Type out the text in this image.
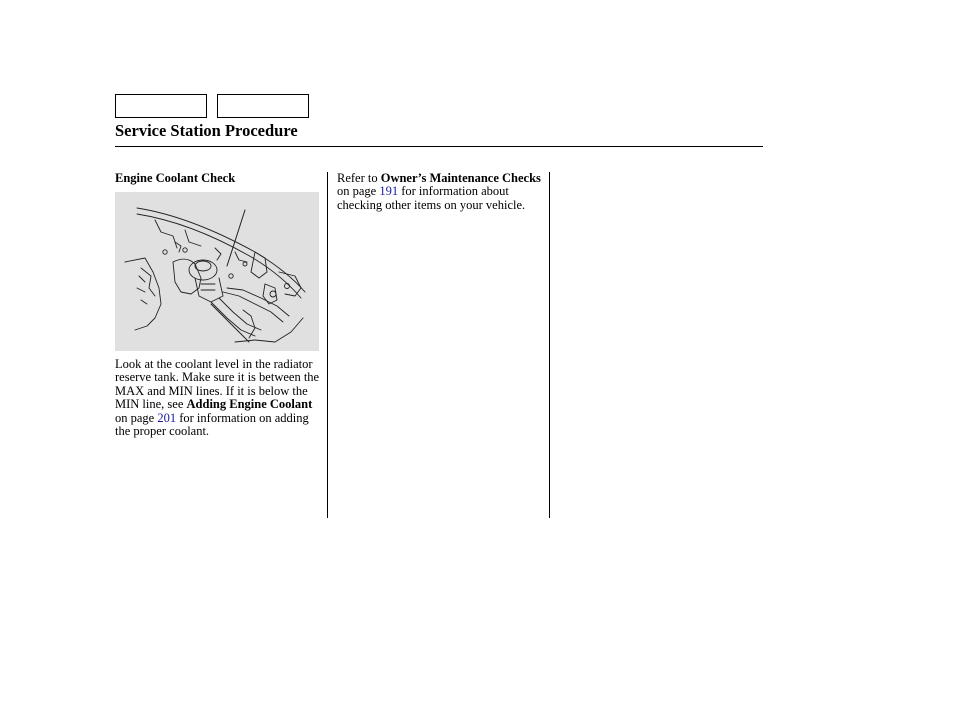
Service Station Procedure
Engine Coolant Check

Look at the coolant level in the radiator reserve tank. Make sure it is between the MAX and MIN lines. If it is below the MIN line, see Adding Engine Coolant on page 201 for information on adding the proper coolant.

Refer to Owner’s Maintenance Checks on page 191 for information about checking other items on your vehicle.
